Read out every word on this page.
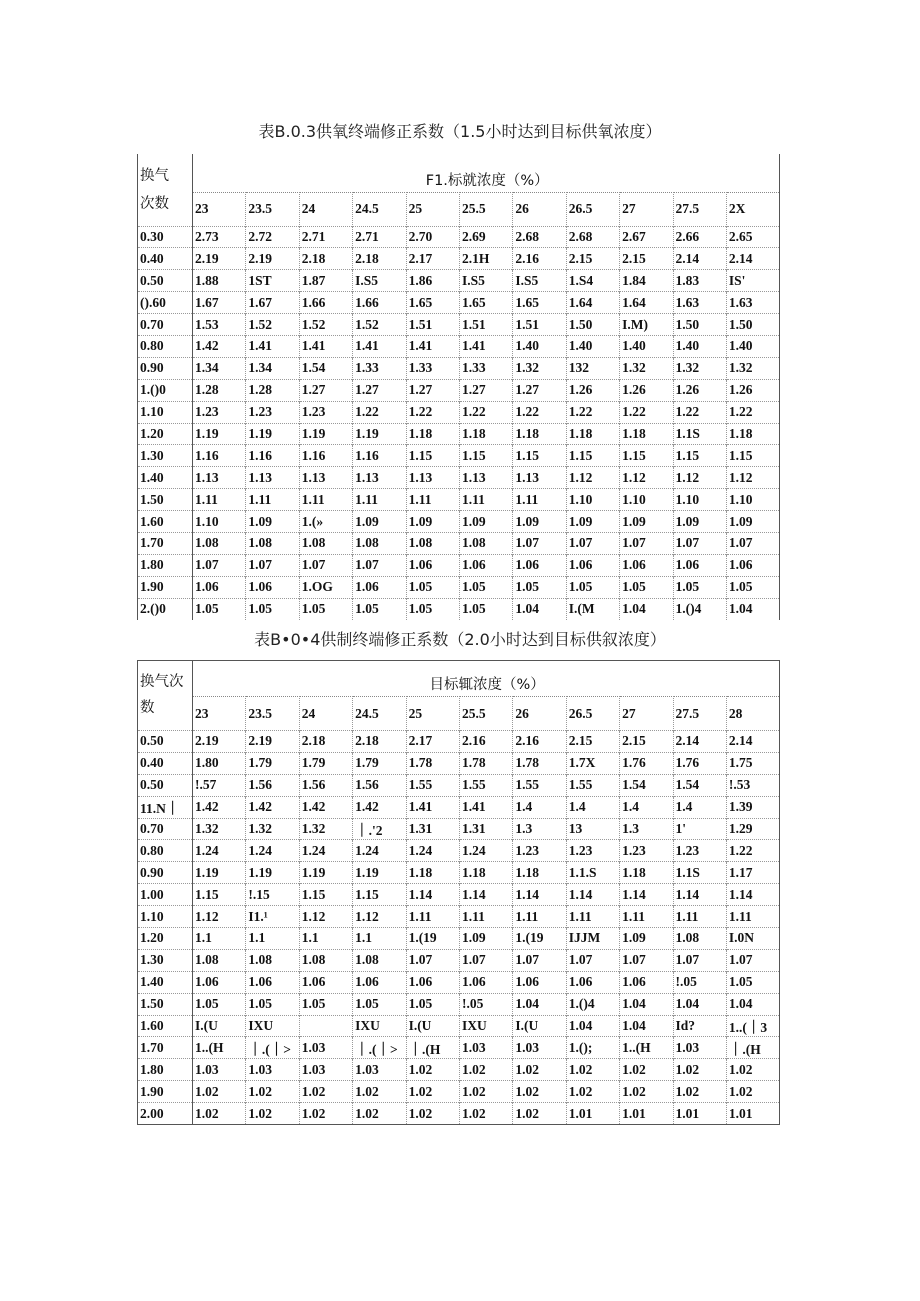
表B.0.3供氧终端修正系数（1.5小时达到目标供氧浓度）
换气
次数	F1.标就浓度（%）										
	23	23.5	24	24.5	25	25.5	26	26.5	27	27.5	2X
0.30	2.73	2.72	2.71	2.71	2.70	2.69	2.68	2.68	2.67	2.66	2.65
0.40	2.19	2.19	2.18	2.18	2.17	2.1H	2.16	2.15	2.15	2.14	2.14
0.50	1.88	1ST	1.87	I.S5	1.86	I.S5	I.S5	1.S4	1.84	1.83	IS'
().60	1.67	1.67	1.66	1.66	1.65	1.65	1.65	1.64	1.64	1.63	1.63
0.70	1.53	1.52	1.52	1.52	1.51	1.51	1.51	1.50	I.M)	1.50	1.50
0.80	1.42	1.41	1.41	1.41	1.41	1.41	1.40	1.40	1.40	1.40	1.40
0.90	1.34	1.34	1.54	1.33	1.33	1.33	1.32	132	1.32	1.32	1.32
1.()0	1.28	1.28	1.27	1.27	1.27	1.27	1.27	1.26	1.26	1.26	1.26
1.10	1.23	1.23	1.23	1.22	1.22	1.22	1.22	1.22	1.22	1.22	1.22
1.20	1.19	1.19	1.19	1.19	1.18	1.18	1.18	1.18	1.18	1.1S	1.18
1.30	1.16	1.16	1.16	1.16	1.15	1.15	1.15	1.15	1.15	1.15	1.15
1.40	1.13	1.13	1.13	1.13	1.13	1.13	1.13	1.12	1.12	1.12	1.12
1.50	1.11	1.11	1.11	1.11	1.11	1.11	1.11	1.10	1.10	1.10	1.10
1.60	1.10	1.09	1.(»	1.09	1.09	1.09	1.09	1.09	1.09	1.09	1.09
1.70	1.08	1.08	1.08	1.08	1.08	1.08	1.07	1.07	1.07	1.07	1.07
1.80	1.07	1.07	1.07	1.07	1.06	1.06	1.06	1.06	1.06	1.06	1.06
1.90	1.06	1.06	1.OG	1.06	1.05	1.05	1.05	1.05	1.05	1.05	1.05
2.()0	1.05	1.05	1.05	1.05	1.05	1.05	1.04	I.(M	1.04	1.()4	1.04
表B•0•4供制终端修正系数（2.0小时达到目标供叙浓度）
换气次
数	目标辄浓度（%）										
	23	23.5	24	24.5	25	25.5	26	26.5	27	27.5	28
0.50	2.19	2.19	2.18	2.18	2.17	2.16	2.16	2.15	2.15	2.14	2.14
0.40	1.80	1.79	1.79	1.79	1.78	1.78	1.78	1.7X	1.76	1.76	1.75
0.50	!.57	1.56	1.56	1.56	1.55	1.55	1.55	1.55	1.54	1.54	!.53
11.N｜	1.42	1.42	1.42	1.42	1.41	1.41	1.4	1.4	1.4	1.4	1.39
0.70	1.32	1.32	1.32	｜.'2	1.31	1.31	1.3	13	1.3	1'	1.29
0.80	1.24	1.24	1.24	1.24	1.24	1.24	1.23	1.23	1.23	1.23	1.22
0.90	1.19	1.19	1.19	1.19	1.18	1.18	1.18	1.1.S	1.18	1.1S	1.17
1.00	1.15	!.15	1.15	1.15	1.14	1.14	1.14	1.14	1.14	1.14	1.14
1.10	1.12	I1.¹	1.12	1.12	1.11	1.11	1.11	1.11	1.11	1.11	1.11
1.20	1.1	1.1	1.1	1.1	1.(19	1.09	1.(19	IJJM	1.09	1.08	I.0N
1.30	1.08	1.08	1.08	1.08	1.07	1.07	1.07	1.07	1.07	1.07	1.07
1.40	1.06	1.06	1.06	1.06	1.06	1.06	1.06	1.06	1.06	!.05	1.05
1.50	1.05	1.05	1.05	1.05	1.05	!.05	1.04	1.()4	1.04	1.04	1.04
1.60	I.(U	IXU		IXU	I.(U	IXU	I.(U	1.04	1.04	Id?	1..(｜3
1.70	1..(H	｜.(｜>	1.03	｜.(｜>	｜.(H	1.03	1.03	1.();	1..(H	1.03	｜.(H
1.80	1.03	1.03	1.03	1.03	1.02	1.02	1.02	1.02	1.02	1.02	1.02
1.90	1.02	1.02	1.02	1.02	1.02	1.02	1.02	1.02	1.02	1.02	1.02
2.00	1.02	1.02	1.02	1.02	1.02	1.02	1.02	1.01	1.01	1.01	1.01
